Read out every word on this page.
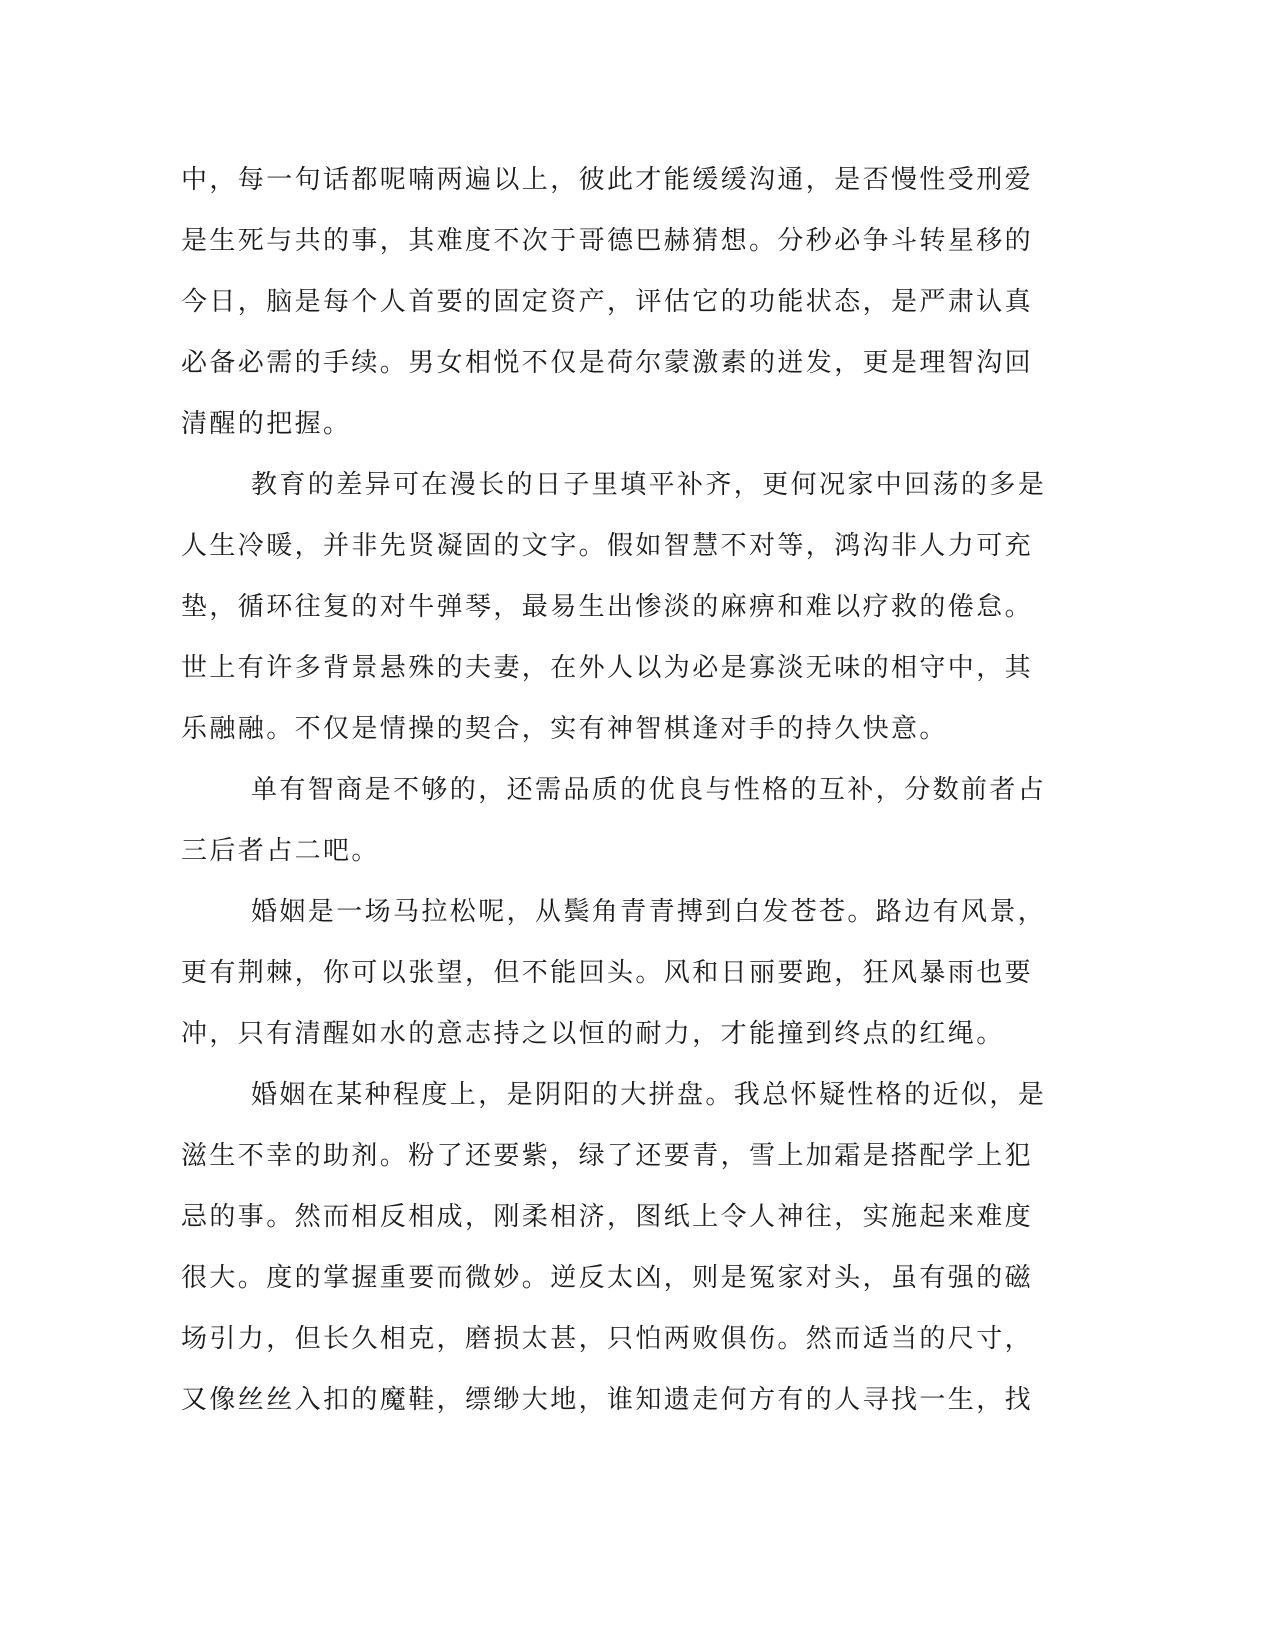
中，每一句话都呢喃两遍以上，彼此才能缓缓沟通，是否慢性受刑爱
是生死与共的事，其难度不次于哥德巴赫猜想。分秒必争斗转星移的
今日，脑是每个人首要的固定资产，评估它的功能状态，是严肃认真
必备必需的手续。男女相悦不仅是荷尔蒙激素的迸发，更是理智沟回
清醒的把握。
教育的差异可在漫长的日子里填平补齐，更何况家中回荡的多是
人生冷暖，并非先贤凝固的文字。假如智慧不对等，鸿沟非人力可充
垫，循环往复的对牛弹琴，最易生出惨淡的麻痹和难以疗救的倦怠。
世上有许多背景悬殊的夫妻，在外人以为必是寡淡无味的相守中，其
乐融融。不仅是情操的契合，实有神智棋逢对手的持久快意。
单有智商是不够的，还需品质的优良与性格的互补，分数前者占
三后者占二吧。
婚姻是一场马拉松呢，从鬓角青青搏到白发苍苍。路边有风景，
更有荆棘，你可以张望，但不能回头。风和日丽要跑，狂风暴雨也要
冲，只有清醒如水的意志持之以恒的耐力，才能撞到终点的红绳。
婚姻在某种程度上，是阴阳的大拼盘。我总怀疑性格的近似，是
滋生不幸的助剂。粉了还要紫，绿了还要青，雪上加霜是搭配学上犯
忌的事。然而相反相成，刚柔相济，图纸上令人神往，实施起来难度
很大。度的掌握重要而微妙。逆反太凶，则是冤家对头，虽有强的磁
场引力，但长久相克，磨损太甚，只怕两败俱伤。然而适当的尺寸，
又像丝丝入扣的魔鞋，缥缈大地，谁知遗走何方有的人寻找一生，找
